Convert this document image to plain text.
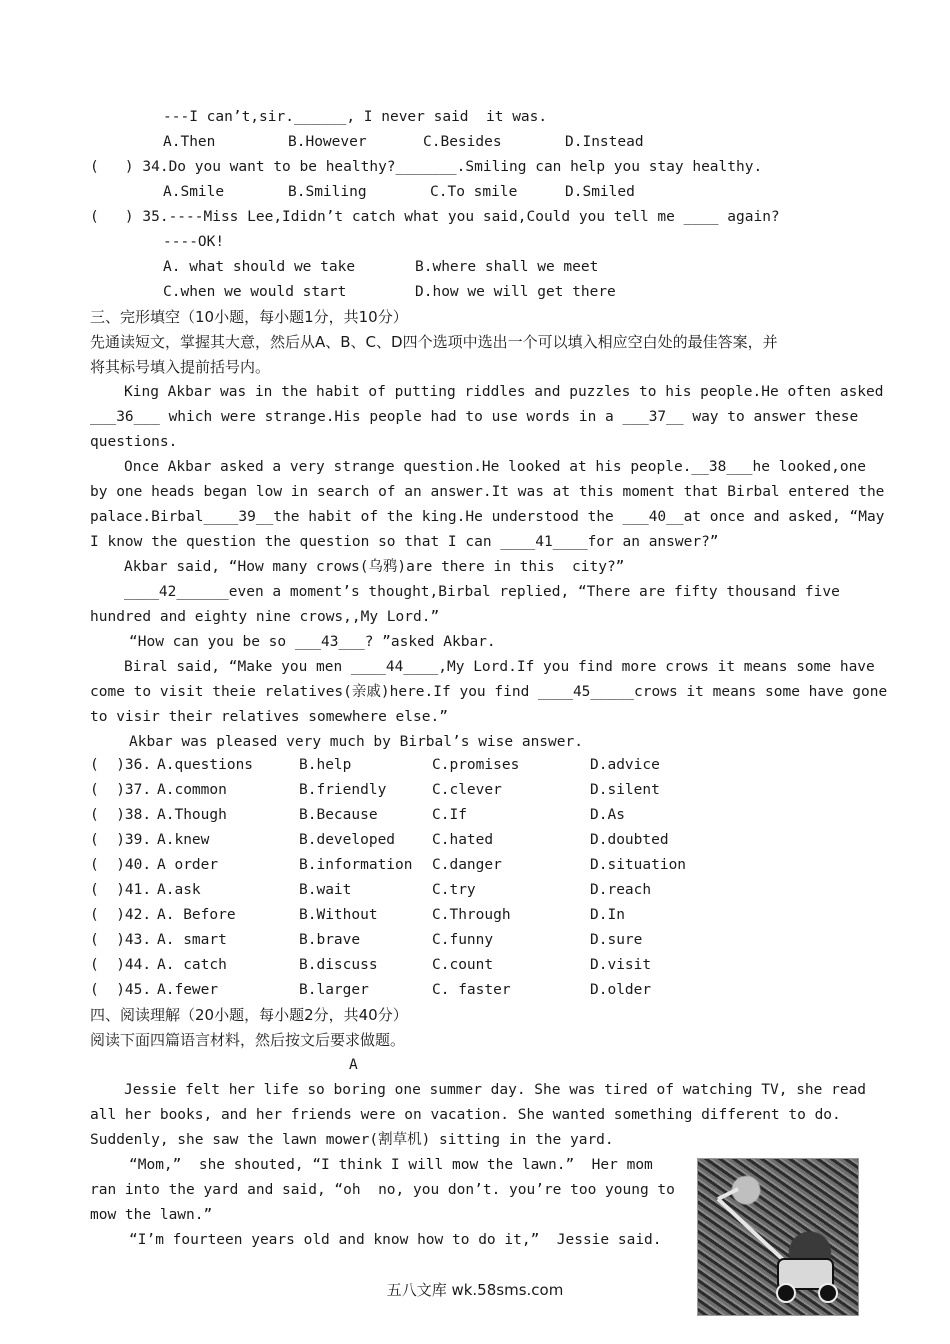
---I can’t,sir.______, I never said  it was.
A.Then	B.However	C.Besides	D.Instead
(   ) 34.Do you want to be healthy?_______.Smiling can help you stay healthy.
A.Smile	B.Smiling	C.To smile	D.Smiled
(   ) 35.----Miss Lee,Ididn’t catch what you said,Could you tell me ____ again?
----OK!
A. what should we take	B.where shall we meet
C.when we would start	D.how we will get there
三、完形填空（10小题，每小题1分，共10分）
先通读短文，掌握其大意，然后从A、B、C、D四个选项中选出一个可以填入相应空白处的最佳答案，并
将其标号填入提前括号内。
King Akbar was in the habit of putting riddles and puzzles to his people.He often asked
___36___ which were strange.His people had to use words in a ___37__ way to answer these
questions.
Once Akbar asked a very strange question.He looked at his people.__38___he looked,one
by one heads began low in search of an answer.It was at this moment that Birbal entered the
palace.Birbal____39__the habit of the king.He understood the ___40__at once and asked, “May
I know the question the question so that I can ____41____for an answer?”
Akbar said, “How many crows(乌鸦)are there in this  city?”
____42______even a moment’s thought,Birbal replied, “There are fifty thousand five
hundred and eighty nine crows,,My Lord.”
“How can you be so ___43___? ”asked Akbar.
Biral said, “Make you men ____44____,My Lord.If you find more crows it means some have
come to visit theie relatives(亲戚)here.If you find ____45_____crows it means some have gone
to visir their relatives somewhere else.”
Akbar was pleased very much by Birbal’s wise answer.
(  )36. A.questions	B.help	C.promises	D.advice
(  )37. A.common	B.friendly	C.clever	D.silent
(  )38. A.Though	B.Because	C.If	D.As
(  )39. A.knew	B.developed	C.hated	D.doubted
(  )40. A order	B.information	C.danger	D.situation
(  )41. A.ask	B.wait	C.try	D.reach
(  )42. A. Before	B.Without	C.Through	D.In
(  )43. A. smart	B.brave	C.funny	D.sure
(  )44. A. catch	B.discuss	C.count	D.visit
(  )45. A.fewer	B.larger	C. faster	D.older
四、阅读理解（20小题，每小题2分，共40分）
阅读下面四篇语言材料，然后按文后要求做题。
A
Jessie felt her life so boring one summer day. She was tired of watching TV, she read
all her books, and her friends were on vacation. She wanted something different to do.
Suddenly, she saw the lawn mower(割草机) sitting in the yard.
“Mom,”  she shouted, “I think I will mow the lawn.”  Her mom
ran into the yard and said, “oh  no, you don’t. you’re too young to
mow the lawn.”
“I’m fourteen years old and know how to do it,”  Jessie said.
五八文库 wk.58sms.com
